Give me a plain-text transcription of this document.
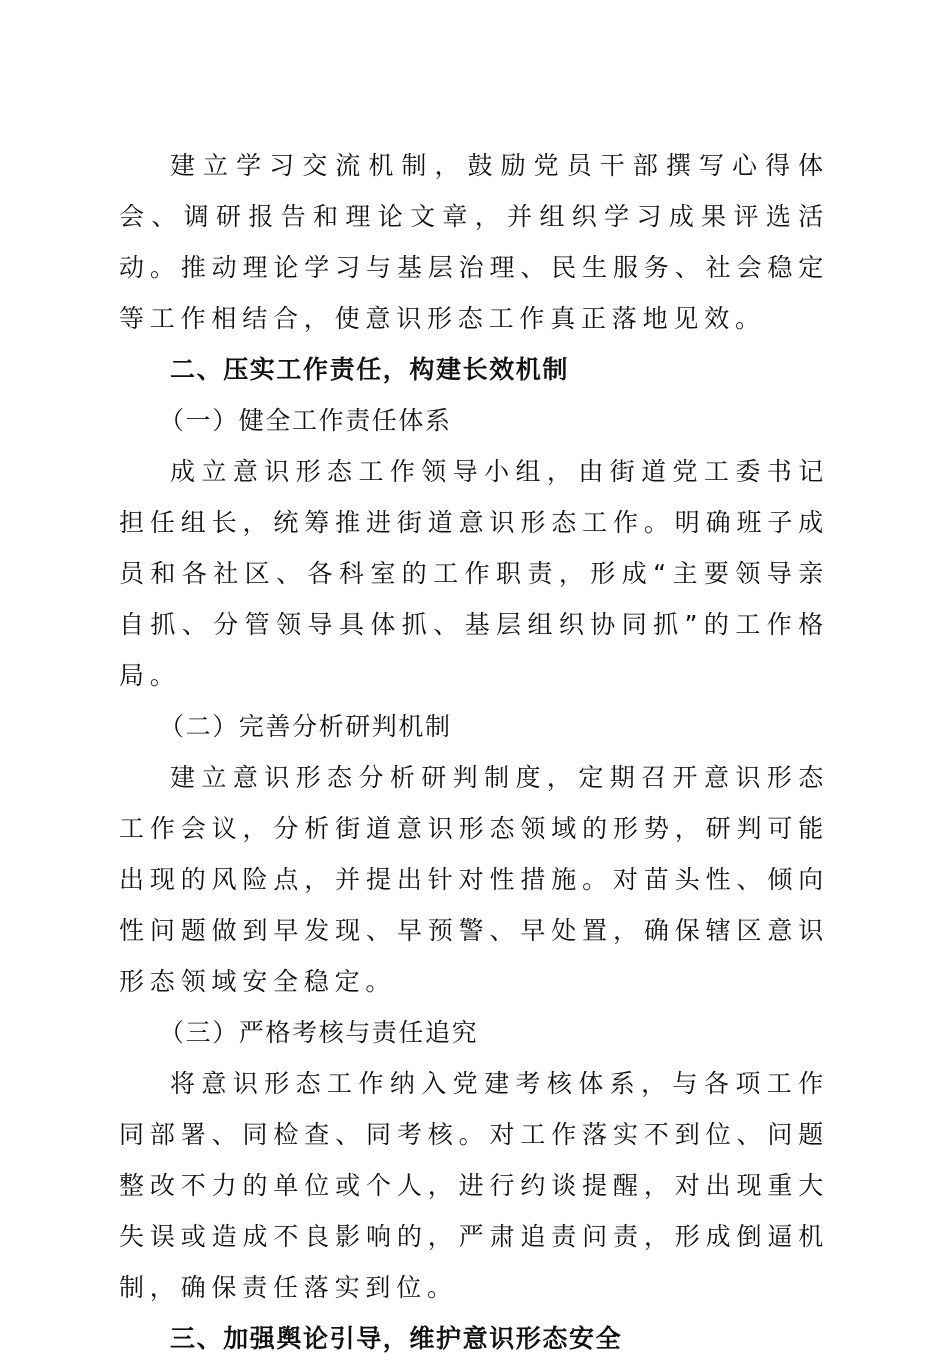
建立学习交流机制，鼓励党员干部撰写心得体会、调研报告和理论文章，并组织学习成果评选活动。推动理论学习与基层治理、民生服务、社会稳定等工作相结合，使意识形态工作真正落地见效。

二、压实工作责任，构建长效机制

（一）健全工作责任体系

成立意识形态工作领导小组，由街道党工委书记担任组长，统筹推进街道意识形态工作。明确班子成员和各社区、各科室的工作职责，形成“主要领导亲自抓、分管领导具体抓、基层组织协同抓”的工作格局。

（二）完善分析研判机制

建立意识形态分析研判制度，定期召开意识形态工作会议，分析街道意识形态领域的形势，研判可能出现的风险点，并提出针对性措施。对苗头性、倾向性问题做到早发现、早预警、早处置，确保辖区意识形态领域安全稳定。

（三）严格考核与责任追究

将意识形态工作纳入党建考核体系，与各项工作同部署、同检查、同考核。对工作落实不到位、问题整改不力的单位或个人，进行约谈提醒，对出现重大失误或造成不良影响的，严肃追责问责，形成倒逼机制，确保责任落实到位。

三、加强舆论引导，维护意识形态安全
